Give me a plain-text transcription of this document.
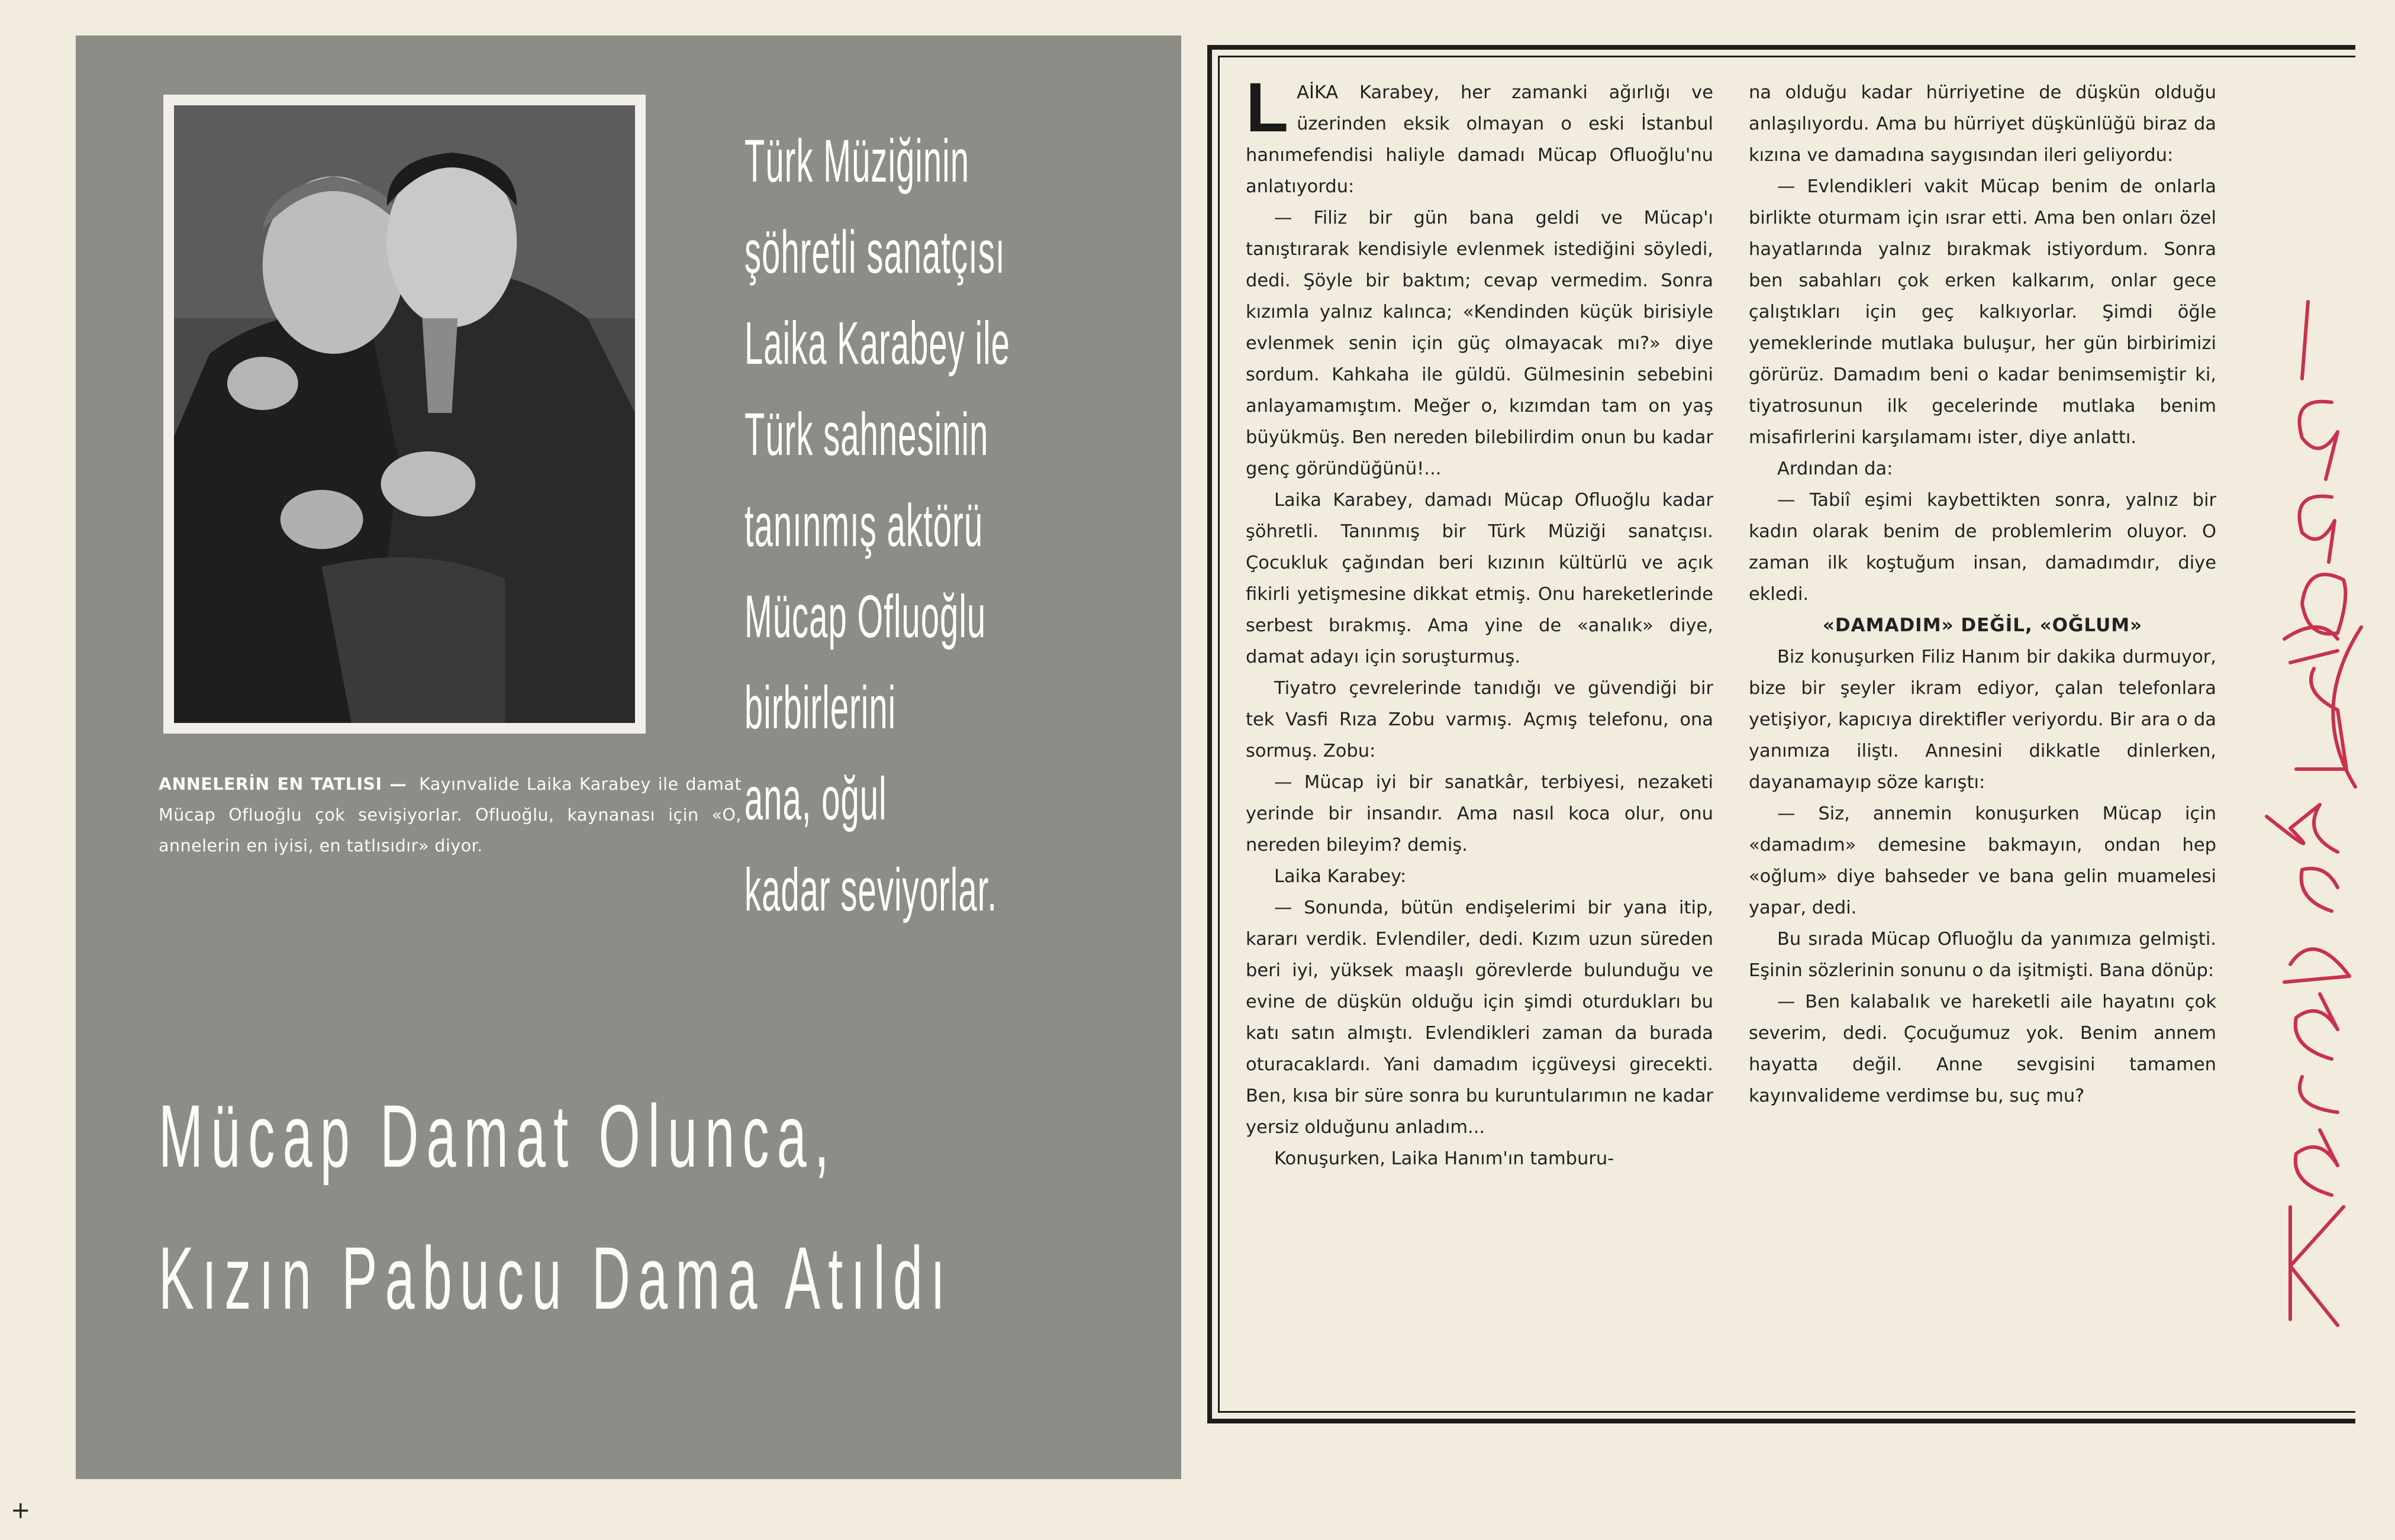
ANNELERİN EN TATLISI — Kayınvalide Laika Karabey ile damat Mücap Ofluoğlu çok sevişiyorlar. Ofluoğlu, kaynanası için «O, annelerin en iyisi, en tatlısıdır» diyor.
Türk Müziğinin
şöhretli sanatçısı
Laika Karabey ile
Türk sahnesinin
tanınmış aktörü
Mücap Ofluoğlu
birbirlerini
ana, oğul
kadar seviyorlar.
Mücap Damat Olunca,
Kızın Pabucu Dama Atıldı

LAİKA Karabey, her zamanki ağırlığı ve üzerinden eksik olmayan o eski İstanbul hanımefendisi haliyle damadı Mücap Ofluoğlu'nu anlatıyordu:

— Filiz bir gün bana geldi ve Mücap'ı tanıştırarak kendisiyle evlenmek istediğini söyledi, dedi. Şöyle bir baktım; cevap vermedim. Sonra kızımla yalnız kalınca; «Kendinden küçük birisiyle evlenmek senin için güç olmayacak mı?» diye sordum. Kahkaha ile güldü. Gülmesinin sebebini anlayamamıştım. Meğer o, kızımdan tam on yaş büyükmüş. Ben nereden bilebilirdim onun bu kadar genç göründüğünü!...

Laika Karabey, damadı Mücap Ofluoğlu kadar şöhretli. Tanınmış bir Türk Müziği sanatçısı. Çocukluk çağından beri kızının kültürlü ve açık fikirli yetişmesine dikkat etmiş. Onu hareketlerinde serbest bırakmış. Ama yine de «analık» diye, damat adayı için soruşturmuş.

Tiyatro çevrelerinde tanıdığı ve güvendiği bir tek Vasfi Rıza Zobu varmış. Açmış telefonu, ona sormuş. Zobu:

— Mücap iyi bir sanatkâr, terbiyesi, nezaketi yerinde bir insandır. Ama nasıl koca olur, onu nereden bileyim? demiş.

Laika Karabey:

— Sonunda, bütün endişelerimi bir yana itip, kararı verdik. Evlendiler, dedi. Kızım uzun süreden beri iyi, yüksek maaşlı görevlerde bulunduğu ve evine de düşkün olduğu için şimdi oturdukları bu katı satın almıştı. Evlendikleri zaman da burada oturacaklardı. Yani damadım içgüveysi girecekti. Ben, kısa bir süre sonra bu kuruntularımın ne kadar yersiz olduğunu anladım...

Konuşurken, Laika Hanım'ın tamburu-

na olduğu kadar hürriyetine de düşkün olduğu anlaşılıyordu. Ama bu hürriyet düşkünlüğü biraz da kızına ve damadına saygısından ileri geliyordu:

— Evlendikleri vakit Mücap benim de onlarla birlikte oturmam için ısrar etti. Ama ben onları özel hayatlarında yalnız bırakmak istiyordum. Sonra ben sabahları çok erken kalkarım, onlar gece çalıştıkları için geç kalkıyorlar. Şimdi öğle yemeklerinde mutlaka buluşur, her gün birbirimizi görürüz. Damadım beni o kadar benimsemiştir ki, tiyatrosunun ilk gecelerinde mutlaka benim misafirlerini karşılamamı ister, diye anlattı.

Ardından da:

— Tabiî eşimi kaybettikten sonra, yalnız bir kadın olarak benim de problemlerim oluyor. O zaman ilk koştuğum insan, damadımdır, diye ekledi.

«DAMADIM» DEĞİL, «OĞLUM»

Biz konuşurken Filiz Hanım bir dakika durmuyor, bize bir şeyler ikram ediyor, çalan telefonlara yetişiyor, kapıcıya direktifler veriyordu. Bir ara o da yanımıza iliştı. Annesini dikkatle dinlerken, dayanamayıp söze karıştı:

— Siz, annemin konuşurken Mücap için «damadım» demesine bakmayın, ondan hep «oğlum» diye bahseder ve bana gelin muamelesi yapar, dedi.

Bu sırada Mücap Ofluoğlu da yanımıza gelmişti. Eşinin sözlerinin sonunu o da işitmişti. Bana dönüp:

— Ben kalabalık ve hareketli aile hayatını çok severim, dedi. Çocuğumuz yok. Benim annem hayatta değil. Anne sevgisini tamamen kayınvalideme verdimse bu, suç mu?

+
